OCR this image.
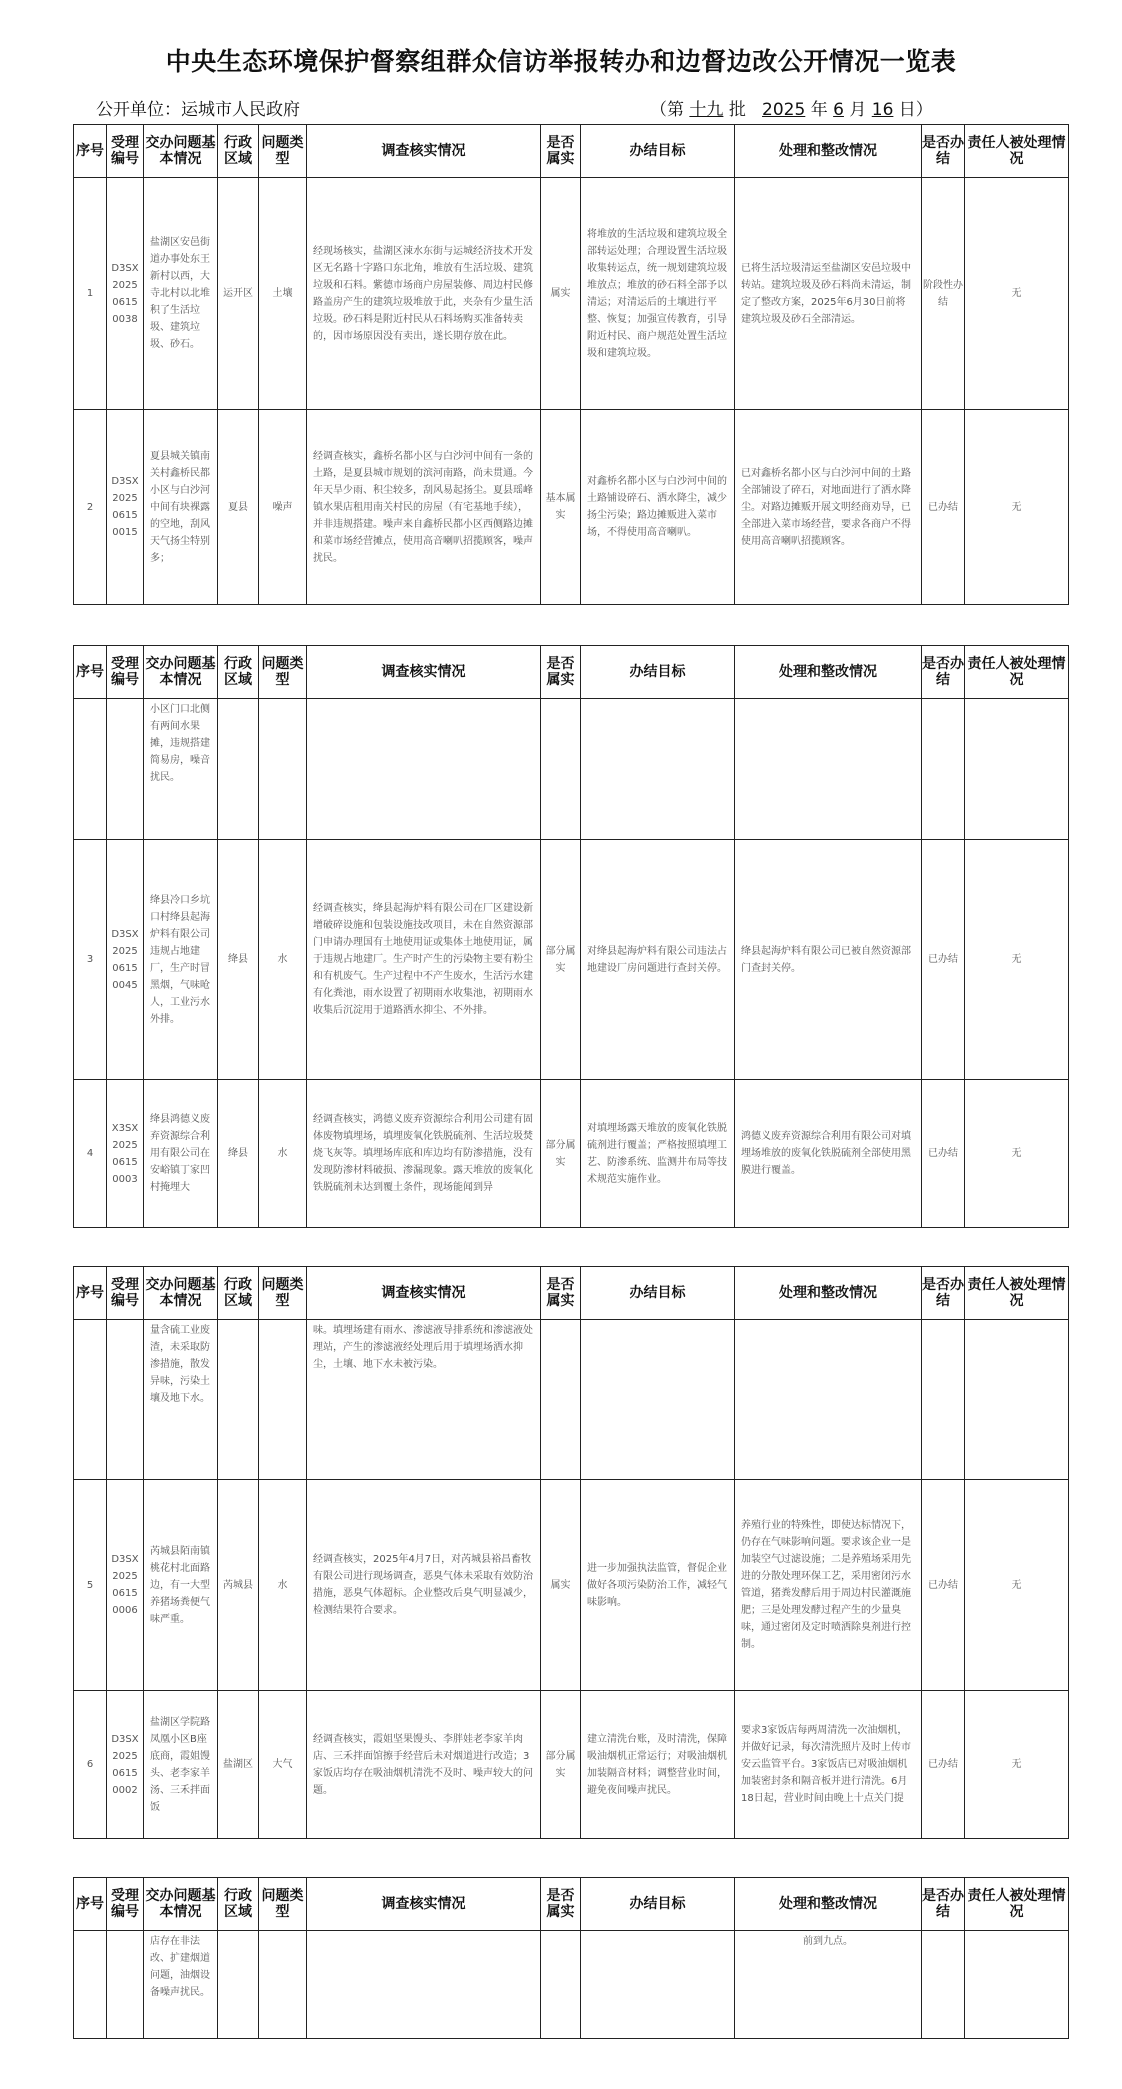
中央生态环境保护督察组群众信访举报转办和边督边改公开情况一览表
公开单位：运城市人民政府	（第 十九 批 2025 年 6 月 16 日）
序号	受理编号	交办问题基本情况	行政区域	问题类型	调查核实情况	是否属实	办结目标	处理和整改情况	是否办结	责任人被处理情况
1	D3SX202506150038	盐湖区安邑街道办事处东王新村以西，大寺北村以北堆积了生活垃圾、建筑垃圾、砂石。	运开区	土壤	经现场核实，盐湖区涑水东街与运城经济技术开发区无名路十字路口东北角，堆放有生活垃圾、建筑垃圾和石料。紫德市场商户房屋装修、周边村民修路盖房产生的建筑垃圾堆放于此，夹杂有少量生活垃圾。砂石料是附近村民从石料场购买准备转卖的，因市场原因没有卖出，遂长期存放在此。	属实	将堆放的生活垃圾和建筑垃圾全部转运处理；合理设置生活垃圾收集转运点，统一规划建筑垃圾堆放点；堆放的砂石料全部予以清运；对清运后的土壤进行平整、恢复；加强宣传教育，引导附近村民、商户规范处置生活垃圾和建筑垃圾。	已将生活垃圾清运至盐湖区安邑垃圾中转站。建筑垃圾及砂石料尚未清运，制定了整改方案，2025年6月30日前将建筑垃圾及砂石全部清运。	阶段性办结	无
2	D3SX202506150015	夏县城关镇南关村鑫桥民都小区与白沙河中间有块裸露的空地，刮风天气扬尘特别多；	夏县	噪声	经调查核实，鑫桥名都小区与白沙河中间有一条的土路，是夏县城市规划的滨河南路，尚未贯通。今年天旱少雨、积尘较多，刮风易起扬尘。夏县瑶峰镇水果店租用南关村民的房屋（有宅基地手续），并非违规搭建。噪声来自鑫桥民都小区西侧路边摊和菜市场经营摊点，使用高音喇叭招揽顾客，噪声扰民。	基本属实	对鑫桥名都小区与白沙河中间的土路铺设碎石、洒水降尘，减少扬尘污染；路边摊贩进入菜市场，不得使用高音喇叭。	已对鑫桥名都小区与白沙河中间的土路全部铺设了碎石，对地面进行了洒水降尘。对路边摊贩开展文明经商劝导，已全部进入菜市场经营，要求各商户不得使用高音喇叭招揽顾客。	已办结	无
序号	受理编号	交办问题基本情况	行政区域	问题类型	调查核实情况	是否属实	办结目标	处理和整改情况	是否办结	责任人被处理情况
		小区门口北侧有两间水果摊，违规搭建简易房，噪音扰民。								
3	D3SX202506150045	绛县冷口乡坑口村绛县起海炉料有限公司违规占地建厂，生产时冒黑烟，气味呛人，工业污水外排。	绛县	水	经调查核实，绛县起海炉料有限公司在厂区建设新增破碎设施和包装设施技改项目，未在自然资源部门申请办理国有土地使用证或集体土地使用证，属于违规占地建厂。生产时产生的污染物主要有粉尘和有机废气。生产过程中不产生废水，生活污水建有化粪池，雨水设置了初期雨水收集池，初期雨水收集后沉淀用于道路洒水抑尘、不外排。	部分属实	对绛县起海炉料有限公司违法占地建设厂房问题进行查封关停。	绛县起海炉料有限公司已被自然资源部门查封关停。	已办结	无
4	X3SX202506150003	绛县鸿德义废弃资源综合利用有限公司在安峪镇丁家凹村掩埋大	绛县	水	经调查核实，鸿德义废弃资源综合利用公司建有固体废物填埋场，填埋废氧化铁脱硫剂、生活垃圾焚烧飞灰等。填埋场库底和库边均有防渗措施，没有发现防渗材料破损、渗漏现象。露天堆放的废氧化铁脱硫剂未达到覆土条件，现场能闻到异	部分属实	对填埋场露天堆放的废氧化铁脱硫剂进行覆盖；严格按照填埋工艺、防渗系统、监测井布局等技术规范实施作业。	鸿德义废弃资源综合利用有限公司对填埋场堆放的废氧化铁脱硫剂全部使用黑膜进行覆盖。	已办结	无
序号	受理编号	交办问题基本情况	行政区域	问题类型	调查核实情况	是否属实	办结目标	处理和整改情况	是否办结	责任人被处理情况
		量含硫工业废渣，未采取防渗措施，散发异味，污染土壤及地下水。			味。填埋场建有雨水、渗滤液导排系统和渗滤液处理站，产生的渗滤液经处理后用于填埋场洒水抑尘，土壤、地下水未被污染。					
5	D3SX202506150006	芮城县陌南镇桃花村北面路边，有一大型养猪场粪便气味严重。	芮城县	水	经调查核实，2025年4月7日，对芮城县裕昌畜牧有限公司进行现场调查，恶臭气体未采取有效防治措施，恶臭气体超标。企业整改后臭气明显减少，检测结果符合要求。	属实	进一步加强执法监管，督促企业做好各项污染防治工作，减轻气味影响。	养殖行业的特殊性，即使达标情况下，仍存在气味影响问题。要求该企业一是加装空气过滤设施；二是养殖场采用先进的分散处理环保工艺，采用密闭污水管道，猪粪发酵后用于周边村民灌溉施肥；三是处理发酵过程产生的少量臭味，通过密闭及定时喷洒除臭剂进行控制。	已办结	无
6	D3SX202506150002	盐湖区学院路凤凰小区B座底商，霞姐馒头、老李家羊汤、三禾拌面饭	盐湖区	大气	经调查核实，霞姐坚果馒头、李胖娃老李家羊肉店、三禾拌面馆擦手经营后未对烟道进行改造；3家饭店均存在吸油烟机清洗不及时、噪声较大的问题。	部分属实	建立清洗台账，及时清洗，保障吸油烟机正常运行；对吸油烟机加装隔音材料；调整营业时间，避免夜间噪声扰民。	要求3家饭店每两周清洗一次油烟机，并做好记录，每次清洗照片及时上传市安云监管平台。3家饭店已对吸油烟机加装密封条和隔音板并进行清洗。6月18日起，营业时间由晚上十点关门提	已办结	无
序号	受理编号	交办问题基本情况	行政区域	问题类型	调查核实情况	是否属实	办结目标	处理和整改情况	是否办结	责任人被处理情况
		店存在非法改、扩建烟道问题，油烟设备噪声扰民。						前到九点。		
